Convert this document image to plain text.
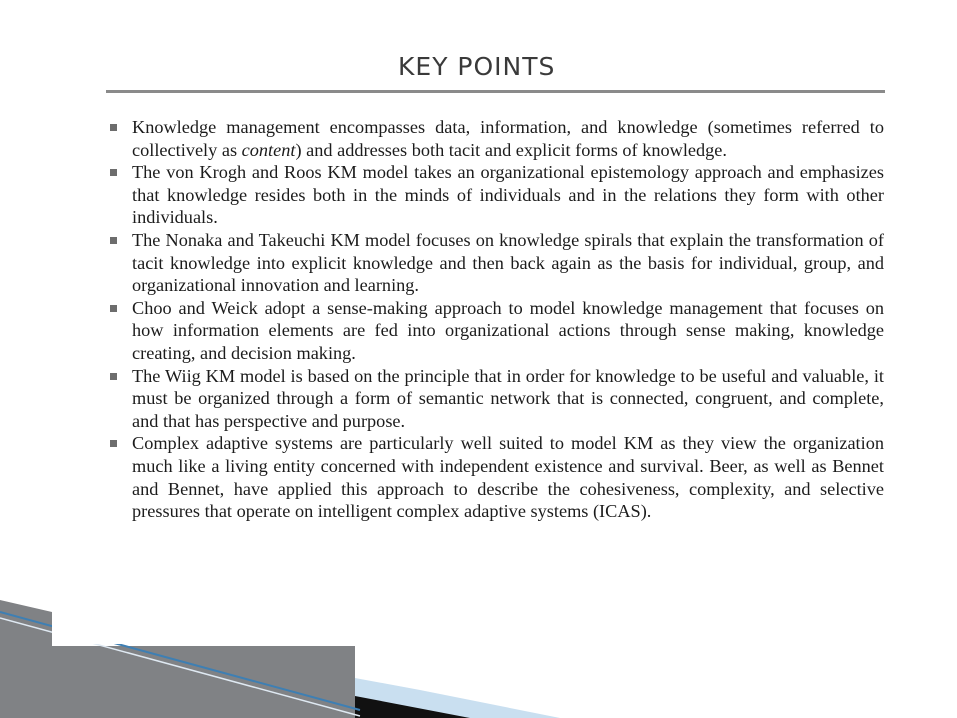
KEY POINTS
Knowledge management encompasses data, information, and knowledge (sometimes referred to collectively as content) and addresses both tacit and explicit forms of knowledge.
The von Krogh and Roos KM model takes an organizational epistemology approach and emphasizes that knowledge resides both in the minds of individuals and in the relations they form with other individuals.
The Nonaka and Takeuchi KM model focuses on knowledge spirals that explain the transformation of tacit knowledge into explicit knowledge and then back again as the basis for individual, group, and organizational innovation and learning.
Choo and Weick adopt a sense-making approach to model knowledge management that focuses on how information elements are fed into organizational actions through sense making, knowledge creating, and decision making.
The Wiig KM model is based on the principle that in order for knowledge to be useful and valuable, it must be organized through a form of semantic network that is connected, congruent, and complete, and that has perspective and purpose.
Complex adaptive systems are particularly well suited to model KM as they view the organization much like a living entity concerned with independent existence and survival. Beer, as well as Bennet and Bennet, have applied this approach to describe the cohesiveness, complexity, and selective pressures that operate on intelligent complex adaptive systems (ICAS).
